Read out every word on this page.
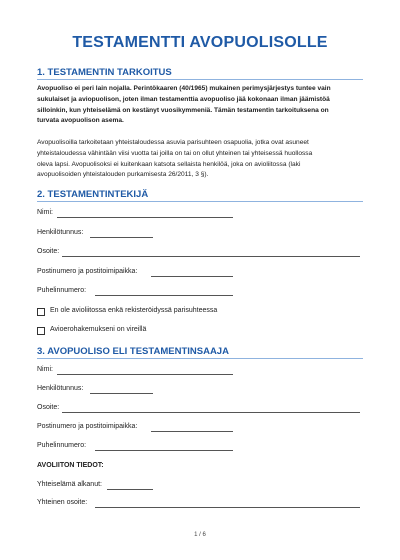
TESTAMENTTI AVOPUOLISOLLE
1. TESTAMENTIN TARKOITUS
Avopuoliso ei peri lain nojalla. Perintökaaren (40/1965) mukainen perimysjärjestys tuntee vain
sukulaiset ja aviopuolison, joten ilman testamenttia avopuoliso jää kokonaan ilman jäämistöä
silloinkin, kun yhteiselämä on kestänyt vuosikymmeniä. Tämän testamentin tarkoituksena on
turvata avopuolison asema.
Avopuolisoilla tarkoitetaan yhteistaloudessa asuvia parisuhteen osapuolia, jotka ovat asuneet
yhteistaloudessa vähintään viisi vuotta tai joilla on tai on ollut yhteinen tai yhteisessä huollossa
oleva lapsi. Avopuolisoksi ei kuitenkaan katsota sellaista henkilöä, joka on avioliitossa (laki
avopuolisoiden yhteistalouden purkamisesta 26/2011, 3 §).
2. TESTAMENTINTEKIJÄ
Nimi:
Henkilötunnus:
Osoite:
Postinumero ja postitoimipaikka:
Puhelinnumero:
En ole avioliitossa enkä rekisteröidyssä parisuhteessa
Avioerohakemukseni on vireillä
3. AVOPUOLISO ELI TESTAMENTINSAAJA
Nimi:
Henkilötunnus:
Osoite:
Postinumero ja postitoimipaikka:
Puhelinnumero:
AVOLIITON TIEDOT:
Yhteiselämä alkanut:
Yhteinen osoite:
1 / 6
